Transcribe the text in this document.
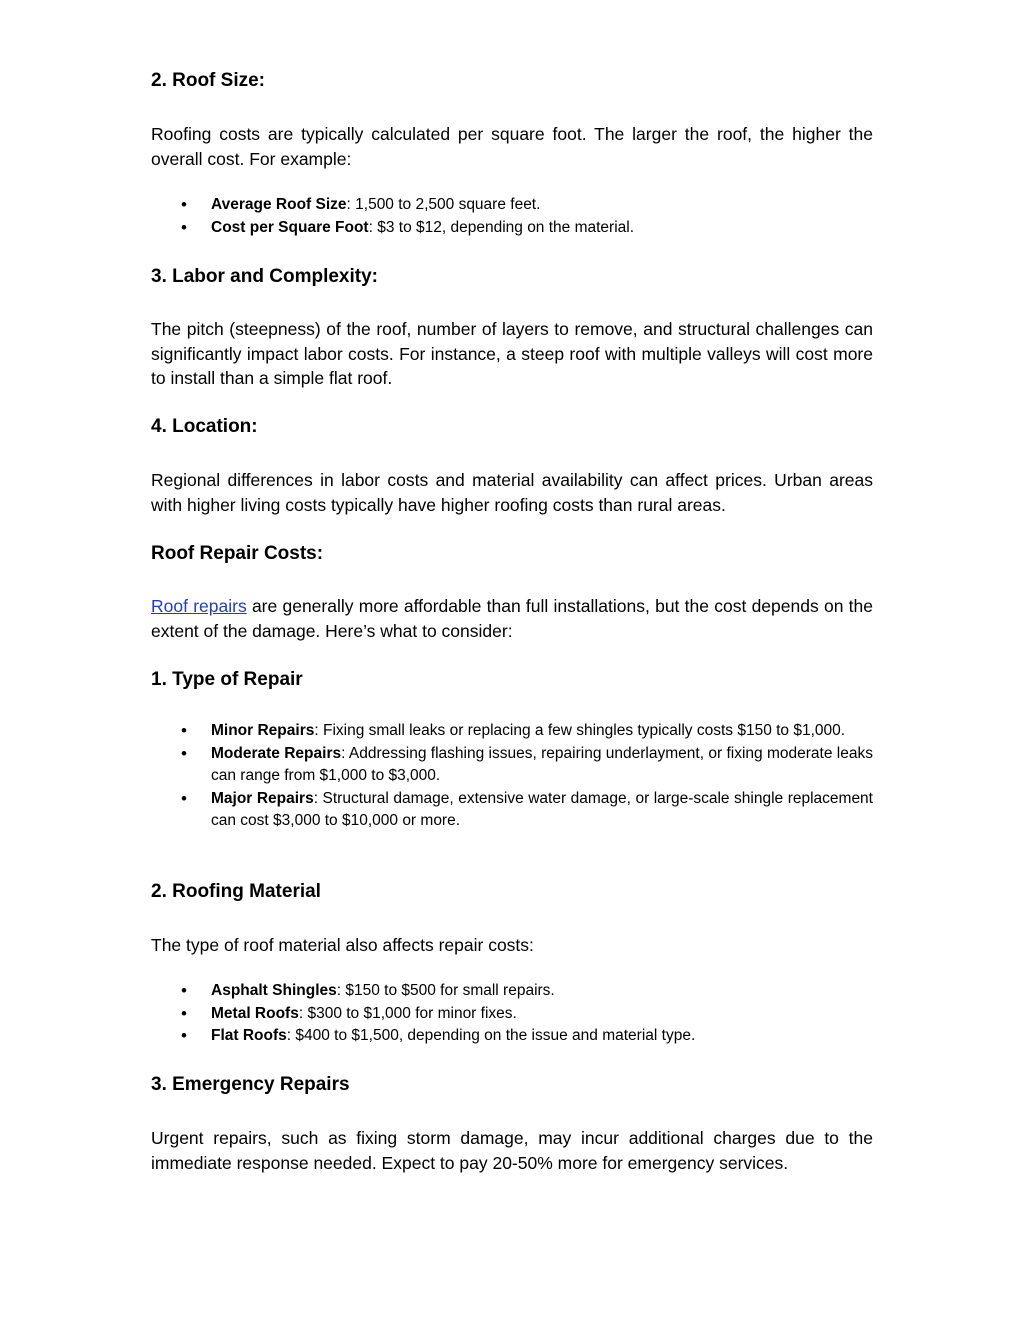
2. Roof Size:

Roofing costs are typically calculated per square foot. The larger the roof, the higher the overall cost. For example:

• Average Roof Size: 1,500 to 2,500 square feet.
• Cost per Square Foot: $3 to $12, depending on the material.
3. Labor and Complexity:

The pitch (steepness) of the roof, number of layers to remove, and structural challenges can significantly impact labor costs. For instance, a steep roof with multiple valleys will cost more to install than a simple flat roof.

4. Location:

Regional differences in labor costs and material availability can affect prices. Urban areas with higher living costs typically have higher roofing costs than rural areas.

Roof Repair Costs:

Roof repairs are generally more affordable than full installations, but the cost depends on the extent of the damage. Here’s what to consider:

1. Type of Repair
• Minor Repairs: Fixing small leaks or replacing a few shingles typically costs $150 to $1,000.
• Moderate Repairs: Addressing flashing issues, repairing underlayment, or fixing moderate leaks can range from $1,000 to $3,000.
• Major Repairs: Structural damage, extensive water damage, or large-scale shingle replacement can cost $3,000 to $10,000 or more.
2. Roofing Material

The type of roof material also affects repair costs:

• Asphalt Shingles: $150 to $500 for small repairs.
• Metal Roofs: $300 to $1,000 for minor fixes.
• Flat Roofs: $400 to $1,500, depending on the issue and material type.
3. Emergency Repairs

Urgent repairs, such as fixing storm damage, may incur additional charges due to the immediate response needed. Expect to pay 20-50% more for emergency services.
